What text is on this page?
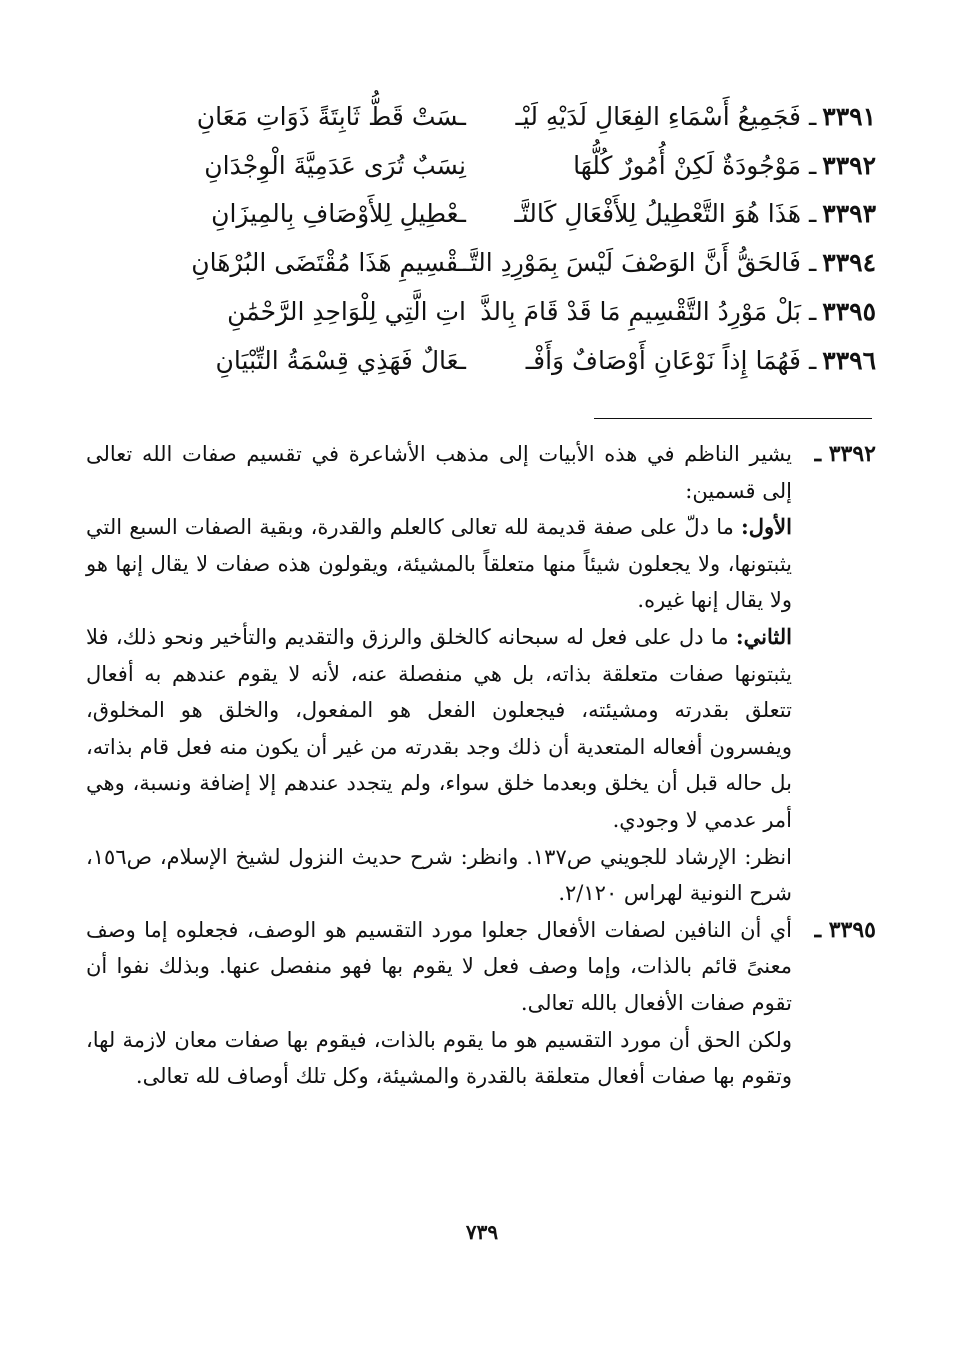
٣٣٩١ـ فَجَمِيعُ أَسْمَاءِ الفِعَالِ لَدَيْهِ لَيْـ
ـسَتْ قَطُّ ثَابِتَةً ذَوَاتِ مَعَانِ
٣٣٩٢ـ مَوْجُودَةٌ لَكِنْ أُمُورٌ كُلُّهَا
نِسَبٌ تُرَى عَدَمِيَّةَ الْوِجْدَانِ
٣٣٩٣ـ هَذَا هُوَ التَّعْطِيلُ لِلأَفْعَالِ كَالتَّـ
ـعْطِيلِ لِلأَوْصَافِ بِالمِيزَانِ
٣٣٩٤ـ فَالحَقُّ أَنَّ الوَصْفَ لَيْسَ بِمَوْرِدِ التَّـ
ـقْسِيمِ هَذَا مُقْتَضَى البُرْهَانِ
٣٣٩٥ـ بَلْ مَوْرِدُ التَّقْسِيمِ مَا قَدْ قَامَ بِالذَّ
اتِ الَّتِي لِلْوَاحِدِ الرَّحْمَٰنِ
٣٣٩٦ـ فَهُمَا إِذاً نَوْعَانِ أَوْصَافٌ وَأَفْـ
ـعَالٌ فَهَذِي قِسْمَةُ التِّبْيَانِ
٣٣٩٢ ـ

يشير الناظم في هذه الأبيات إلى مذهب الأشاعرة في تقسيم صفات الله تعالى إلى قسمين:

الأول: ما دلّ على صفة قديمة لله تعالى كالعلم والقدرة، وبقية الصفات السبع التي يثبتونها، ولا يجعلون شيئاً منها متعلقاً بالمشيئة، ويقولون هذه صفات لا يقال إنها هو ولا يقال إنها غيره.

الثاني: ما دل على فعل له سبحانه كالخلق والرزق والتقديم والتأخير ونحو ذلك، فلا يثبتونها صفات متعلقة بذاته، بل هي منفصلة عنه، لأنه لا يقوم عندهم به أفعال تتعلق بقدرته ومشيئته، فيجعلون الفعل هو المفعول، والخلق هو المخلوق، ويفسرون أفعاله المتعدية أن ذلك وجد بقدرته من غير أن يكون منه فعل قام بذاته، بل حاله قبل أن يخلق وبعدما خلق سواء، ولم يتجدد عندهم إلا إضافة ونسبة، وهي أمر عدمي لا وجودي.

انظر: الإرشاد للجويني ص١٣٧. وانظر: شرح حديث النزول لشيخ الإسلام، ص١٥٦، شرح النونية لهراس ٢/١٢٠.

٣٣٩٥ ـ

أي أن النافين لصفات الأفعال جعلوا مورد التقسيم هو الوصف، فجعلوه إما وصف معنىً قائم بالذات، وإما وصف فعل لا يقوم بها فهو منفصل عنها. وبذلك نفوا أن تقوم صفات الأفعال بالله تعالى.

ولكن الحق أن مورد التقسيم هو ما يقوم بالذات، فيقوم بها صفات معان لازمة لها، وتقوم بها صفات أفعال متعلقة بالقدرة والمشيئة، وكل تلك أوصاف لله تعالى.

٧٣٩
